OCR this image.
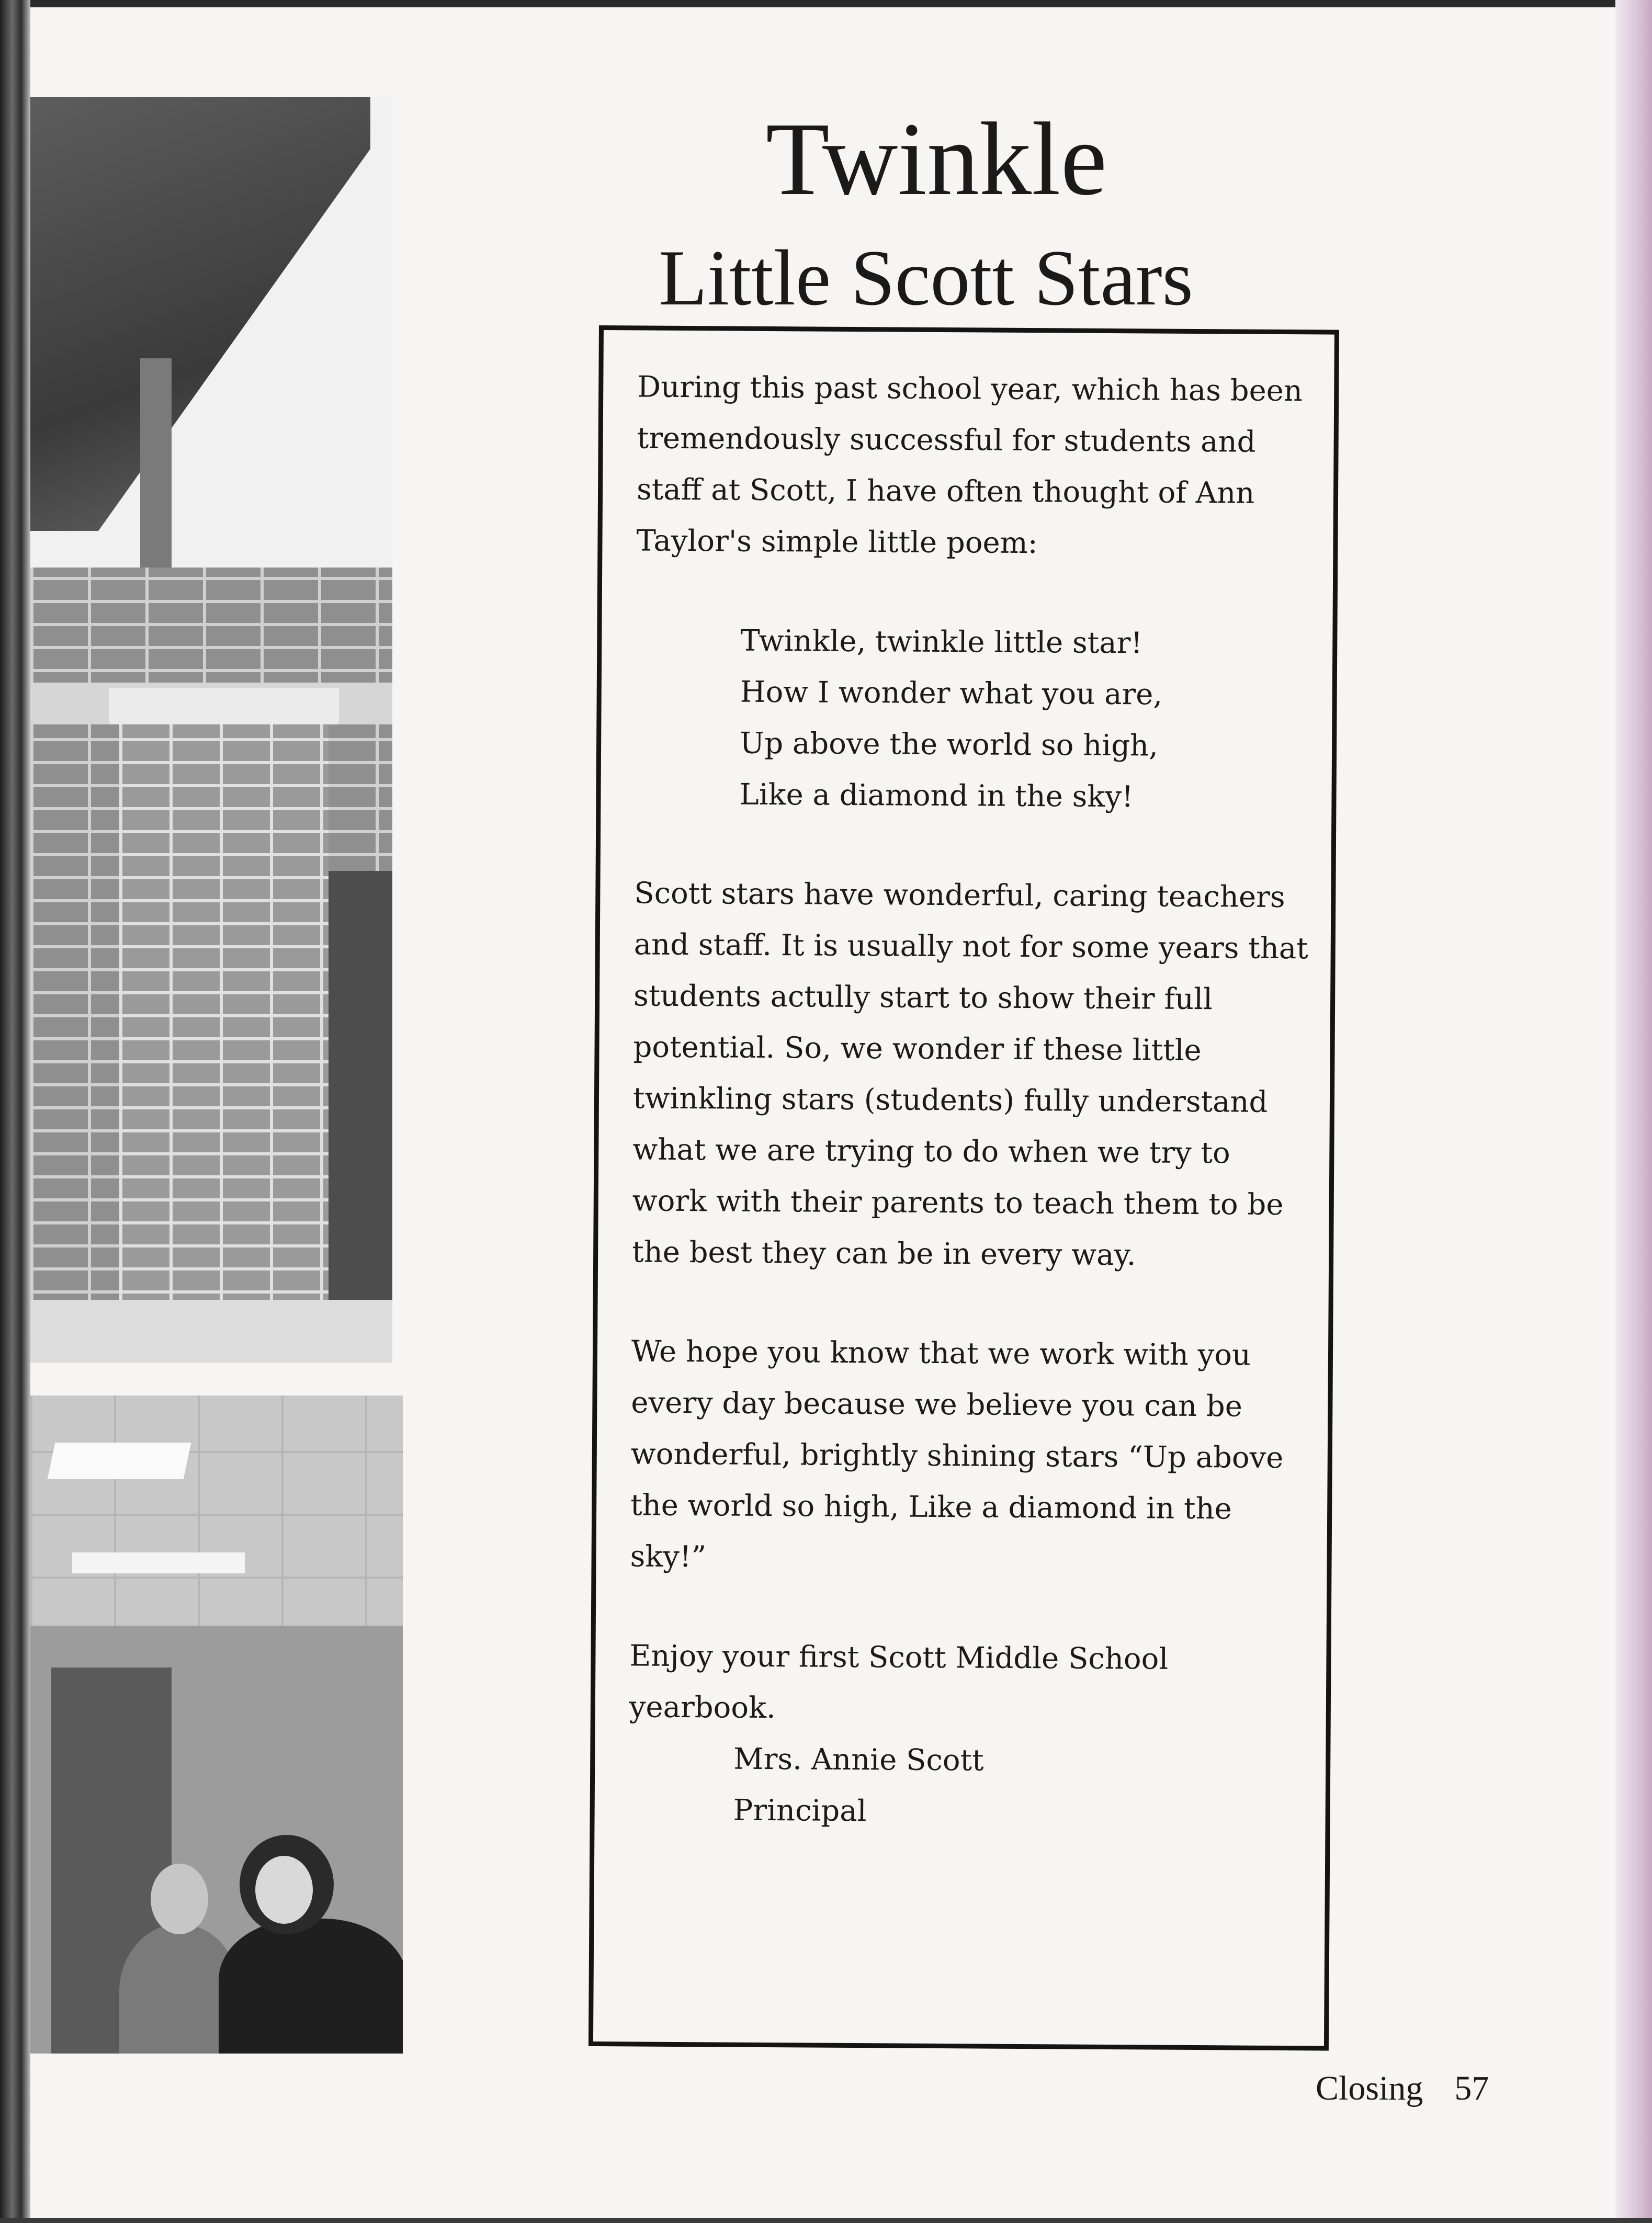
Twinkle
Little Scott Stars

During this past school year, which has been tremendously successful for students and staff at Scott, I have often thought of Ann Taylor's simple little poem:

Twinkle, twinkle little star!
How I wonder what you are,
Up above the world so high,
Like a diamond in the sky!

Scott stars have wonderful, caring teachers and staff. It is usually not for some years that students actully start to show their full potential. So, we wonder if these little twinkling stars (students) fully understand what we are trying to do when we try to work with their parents to teach them to be the best they can be in every way.

We hope you know that we work with you every day because we believe you can be wonderful, brightly shining stars “Up above the world so high, Like a diamond in the sky!”

Enjoy your first Scott Middle School yearbook.

Mrs. Annie Scott
Principal
Closing 57
